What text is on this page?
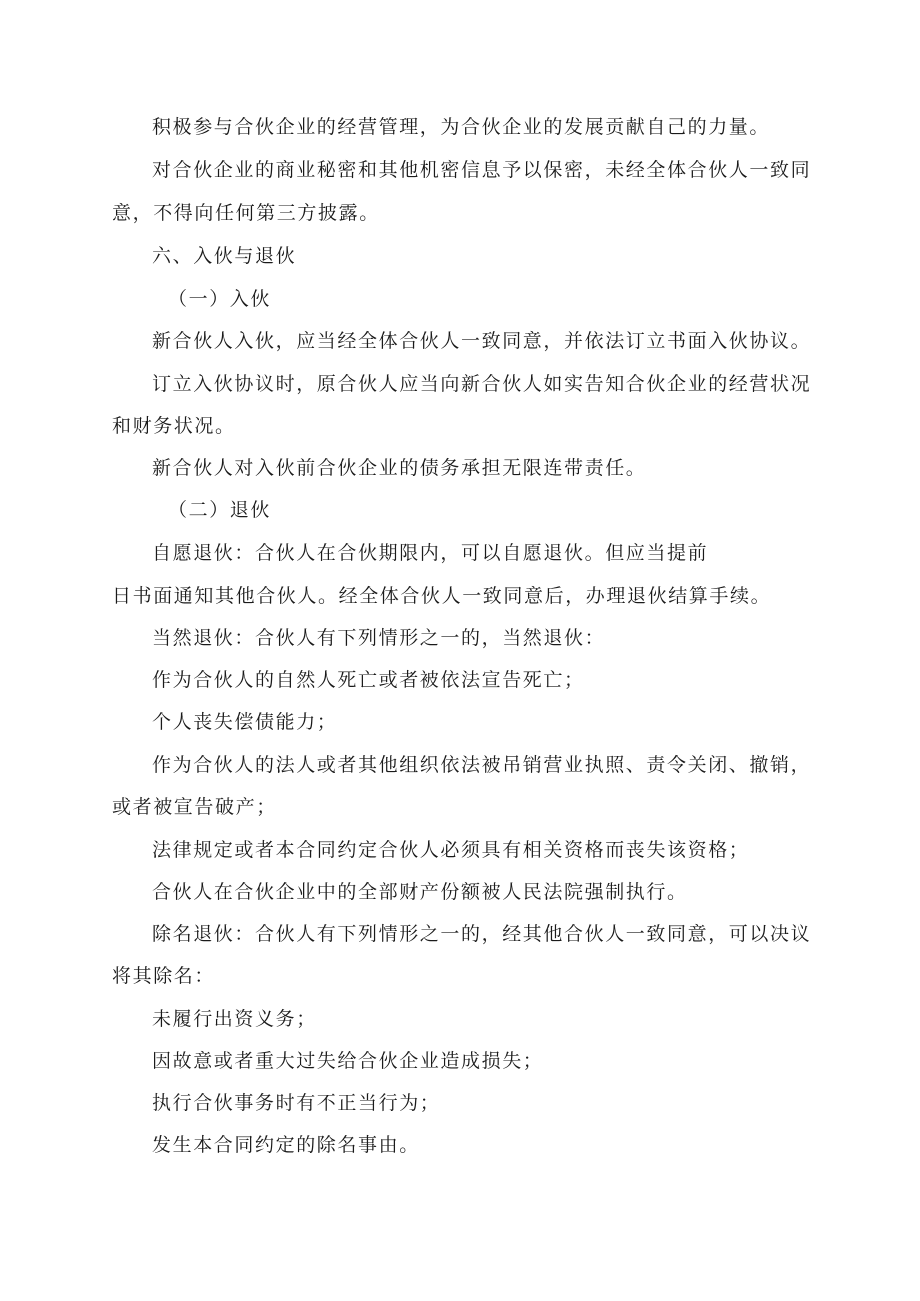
积极参与合伙企业的经营管理，为合伙企业的发展贡献自己的力量。
对合伙企业的商业秘密和其他机密信息予以保密，未经全体合伙人一致同
意，不得向任何第三方披露。
六、入伙与退伙
（一）入伙
新合伙人入伙，应当经全体合伙人一致同意，并依法订立书面入伙协议。
订立入伙协议时，原合伙人应当向新合伙人如实告知合伙企业的经营状况
和财务状况。
新合伙人对入伙前合伙企业的债务承担无限连带责任。
（二）退伙
自愿退伙：合伙人在合伙期限内，可以自愿退伙。但应当提前
日书面通知其他合伙人。经全体合伙人一致同意后，办理退伙结算手续。
当然退伙：合伙人有下列情形之一的，当然退伙：
作为合伙人的自然人死亡或者被依法宣告死亡；
个人丧失偿债能力；
作为合伙人的法人或者其他组织依法被吊销营业执照、责令关闭、撤销，
或者被宣告破产；
法律规定或者本合同约定合伙人必须具有相关资格而丧失该资格；
合伙人在合伙企业中的全部财产份额被人民法院强制执行。
除名退伙：合伙人有下列情形之一的，经其他合伙人一致同意，可以决议
将其除名：
未履行出资义务；
因故意或者重大过失给合伙企业造成损失；
执行合伙事务时有不正当行为；
发生本合同约定的除名事由。
